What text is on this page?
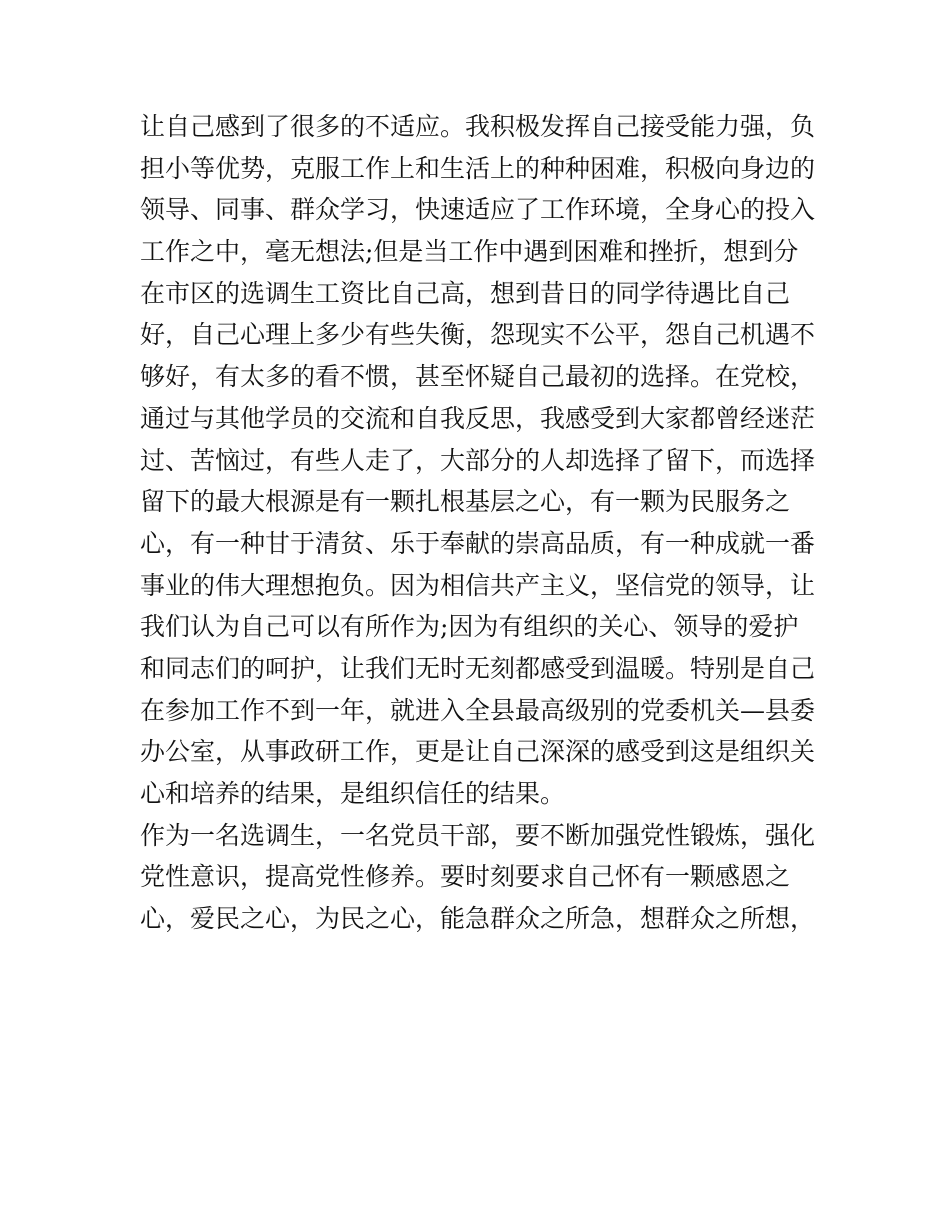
让自己感到了很多的不适应。我积极发挥自己接受能力强，负
担小等优势，克服工作上和生活上的种种困难，积极向身边的
领导、同事、群众学习，快速适应了工作环境，全身心的投入
工作之中，毫无想法;但是当工作中遇到困难和挫折，想到分
在市区的选调生工资比自己高，想到昔日的同学待遇比自己
好，自己心理上多少有些失衡，怨现实不公平，怨自己机遇不
够好，有太多的看不惯，甚至怀疑自己最初的选择。在党校，
通过与其他学员的交流和自我反思，我感受到大家都曾经迷茫
过、苦恼过，有些人走了，大部分的人却选择了留下，而选择
留下的最大根源是有一颗扎根基层之心，有一颗为民服务之
心，有一种甘于清贫、乐于奉献的崇高品质，有一种成就一番
事业的伟大理想抱负。因为相信共产主义，坚信党的领导，让
我们认为自己可以有所作为;因为有组织的关心、领导的爱护
和同志们的呵护，让我们无时无刻都感受到温暖。特别是自己
在参加工作不到一年，就进入全县最高级别的党委机关—县委
办公室，从事政研工作，更是让自己深深的感受到这是组织关
心和培养的结果，是组织信任的结果。
作为一名选调生，一名党员干部，要不断加强党性锻炼，强化
党性意识，提高党性修养。要时刻要求自己怀有一颗感恩之
心，爱民之心，为民之心，能急群众之所急，想群众之所想，
